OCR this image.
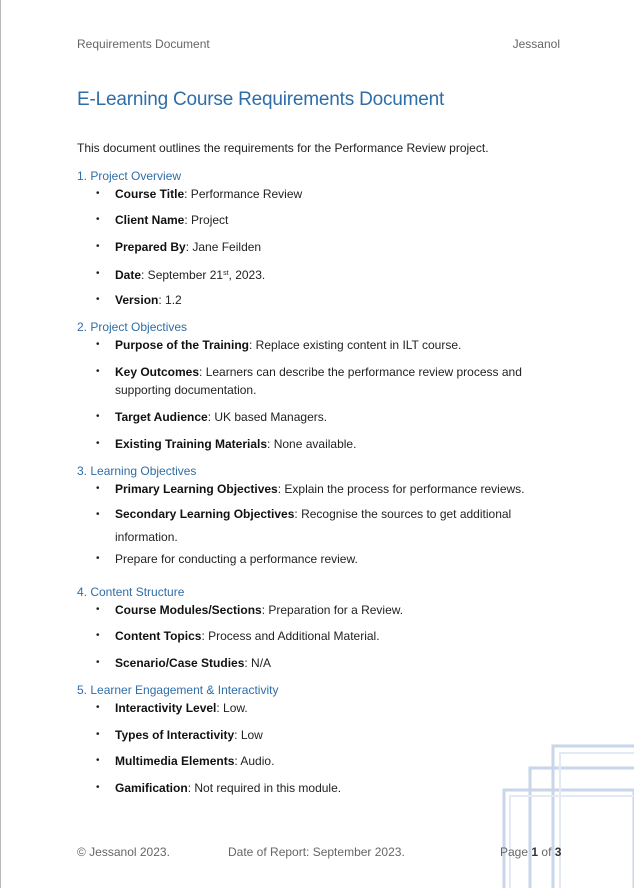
Requirements Document	Jessanol
E-Learning Course Requirements Document
This document outlines the requirements for the Performance Review project.
1. Project Overview
• Course Title: Performance Review
• Client Name: Project
• Prepared By: Jane Feilden
• Date: September 21st, 2023.
• Version: 1.2
2. Project Objectives
• Purpose of the Training: Replace existing content in ILT course.
• Key Outcomes: Learners can describe the performance review process and supporting documentation.
• Target Audience: UK based Managers.
• Existing Training Materials: None available.
3. Learning Objectives
• Primary Learning Objectives: Explain the process for performance reviews.
• Secondary Learning Objectives: Recognise the sources to get additional information.
• Prepare for conducting a performance review.
4. Content Structure
• Course Modules/Sections: Preparation for a Review.
• Content Topics: Process and Additional Material.
• Scenario/Case Studies: N/A
5. Learner Engagement & Interactivity
• Interactivity Level: Low.
• Types of Interactivity: Low
• Multimedia Elements: Audio.
• Gamification: Not required in this module.
© Jessanol 2023.	Date of Report: September 2023.	Page 1 of 3
